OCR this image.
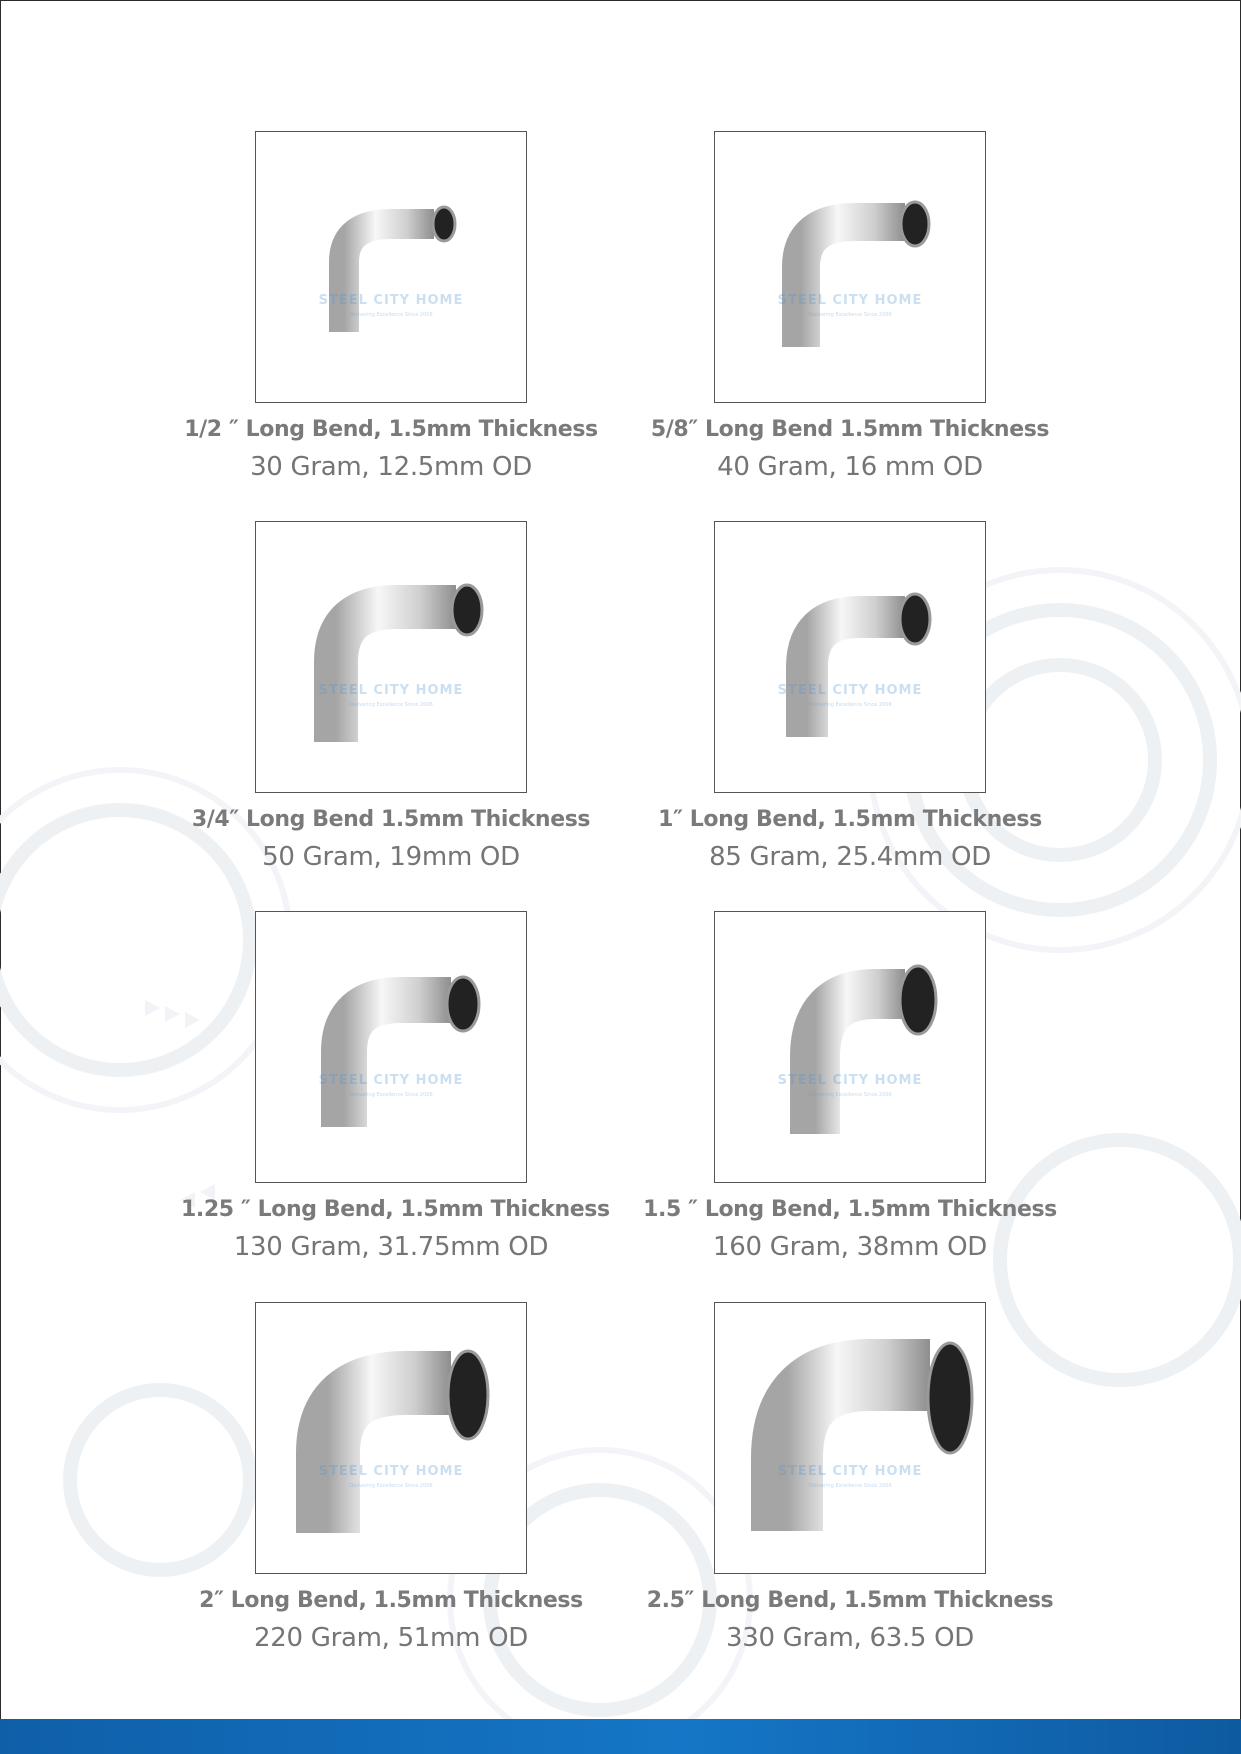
STEEL CITY HOME
Delivering Excellence Since 2006
1/2 ″ Long Bend, 1.5mm Thickness
30 Gram, 12.5mm OD
STEEL CITY HOME
Delivering Excellence Since 2006
5/8″ Long Bend 1.5mm Thickness
40 Gram, 16 mm OD
STEEL CITY HOME
Delivering Excellence Since 2006
3/4″ Long Bend 1.5mm Thickness
50 Gram, 19mm OD
STEEL CITY HOME
Delivering Excellence Since 2006
1″ Long Bend, 1.5mm Thickness
85 Gram, 25.4mm OD
STEEL CITY HOME
Delivering Excellence Since 2006
1.25 ″ Long Bend, 1.5mm Thickness
130 Gram, 31.75mm OD
STEEL CITY HOME
Delivering Excellence Since 2006
1.5 ″ Long Bend, 1.5mm Thickness
160 Gram, 38mm OD
STEEL CITY HOME
Delivering Excellence Since 2006
2″ Long Bend, 1.5mm Thickness
220 Gram, 51mm OD
STEEL CITY HOME
Delivering Excellence Since 2006
2.5″ Long Bend, 1.5mm Thickness
330 Gram, 63.5 OD
